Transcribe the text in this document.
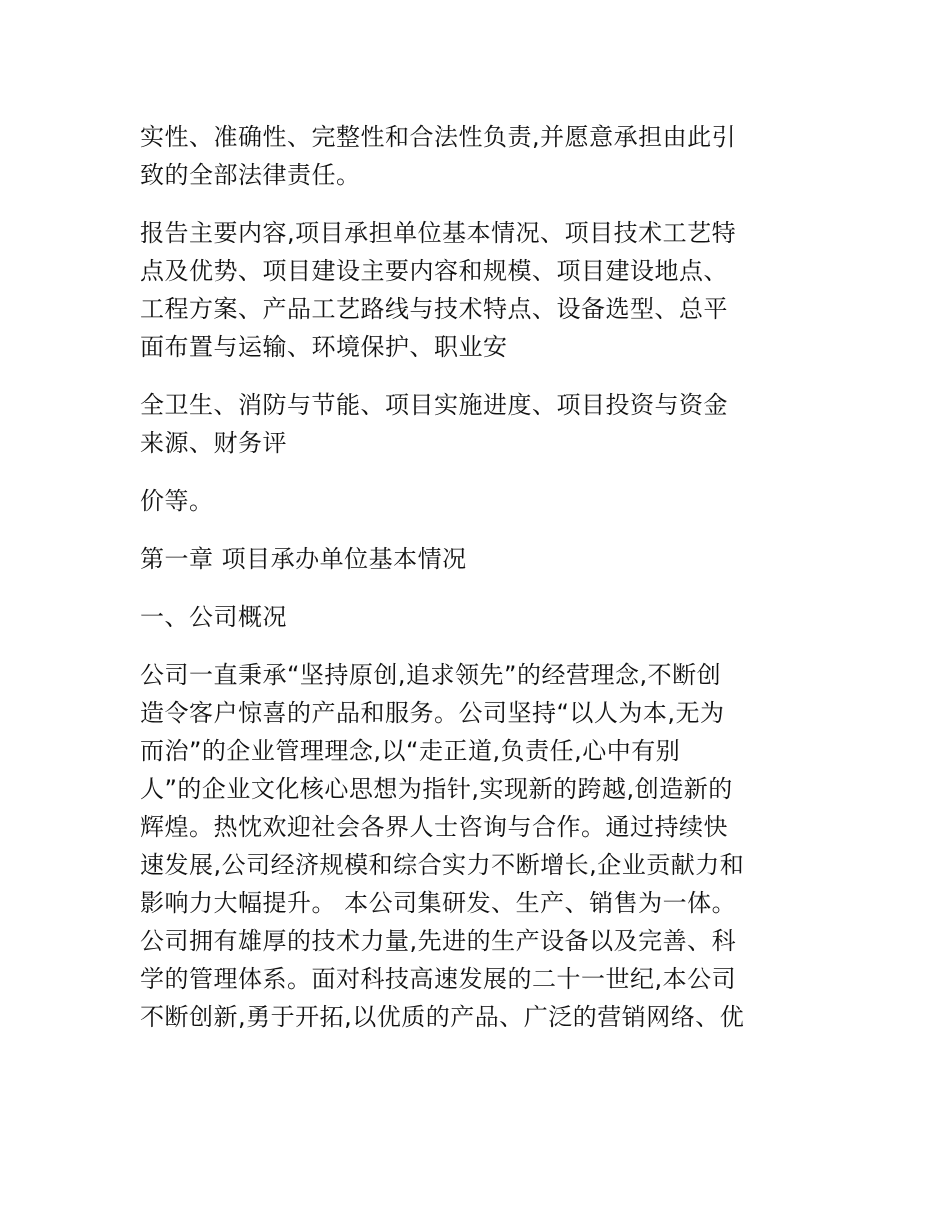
实性、准确性、完整性和合法性负责,并愿意承担由此引
致的全部法律责任。

报告主要内容,项目承担单位基本情况、项目技术工艺特
点及优势、项目建设主要内容和规模、项目建设地点、
工程方案、产品工艺路线与技术特点、设备选型、总平
面布置与运输、环境保护、职业安

全卫生、消防与节能、项目实施进度、项目投资与资金
来源、财务评

价等。

第一章 项目承办单位基本情况

一、公司概况

公司一直秉承“坚持原创,追求领先”的经营理念,不断创
造令客户惊喜的产品和服务。公司坚持“以人为本,无为
而治”的企业管理理念,以“走正道,负责任,心中有别
人”的企业文化核心思想为指针,实现新的跨越,创造新的
辉煌。热忱欢迎社会各界人士咨询与合作。通过持续快
速发展,公司经济规模和综合实力不断增长,企业贡献力和
影响力大幅提升。 本公司集研发、生产、销售为一体。
公司拥有雄厚的技术力量,先进的生产设备以及完善、科
学的管理体系。面对科技高速发展的二十一世纪,本公司
不断创新,勇于开拓,以优质的产品、广泛的营销网络、优
